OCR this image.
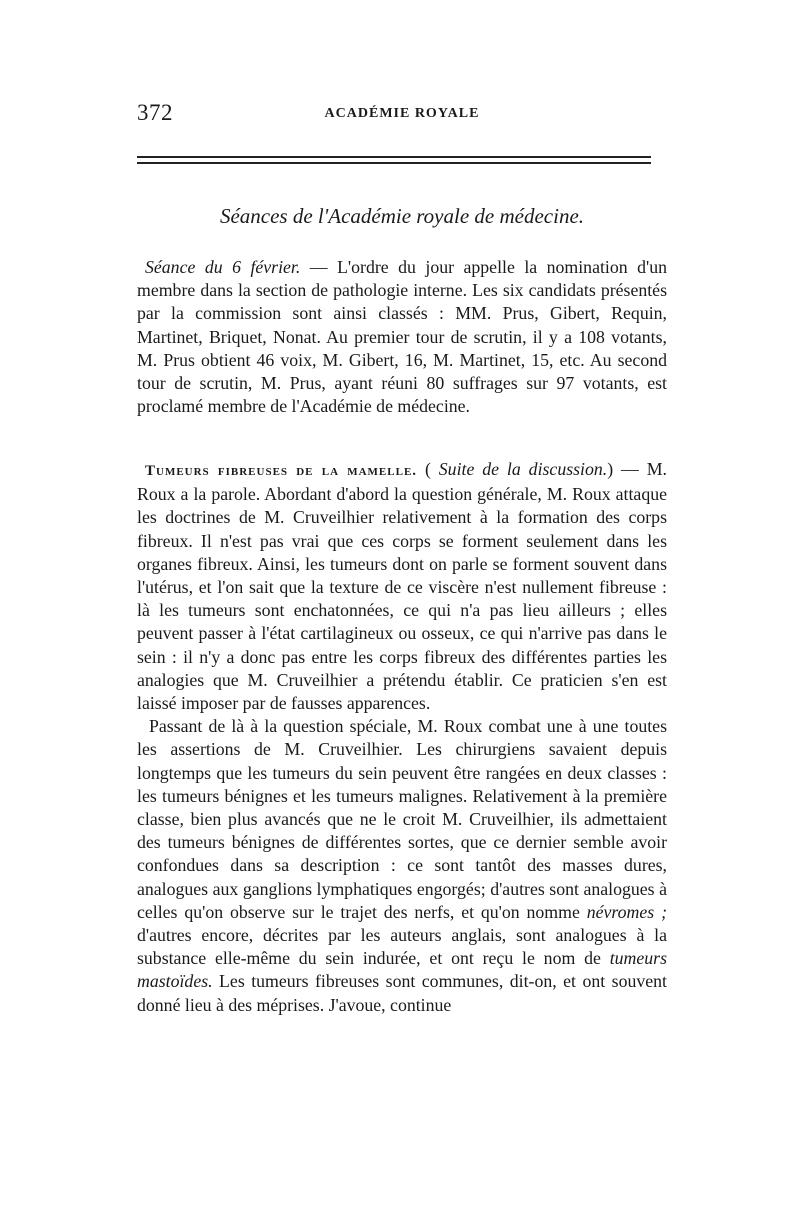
372	ACADÉMIE ROYALE
Séances de l'Académie royale de médecine.

Séance du 6 février. — L'ordre du jour appelle la nomination d'un membre dans la section de pathologie interne. Les six candidats présentés par la commission sont ainsi classés : MM. Prus, Gibert, Requin, Martinet, Briquet, Nonat. Au premier tour de scrutin, il y a 108 votants, M. Prus obtient 46 voix, M. Gibert, 16, M. Martinet, 15, etc. Au second tour de scrutin, M. Prus, ayant réuni 80 suffrages sur 97 votants, est proclamé membre de l'Académie de médecine.

Tumeurs fibreuses de la mamelle. ( Suite de la discussion.) — M. Roux a la parole. Abordant d'abord la question générale, M. Roux attaque les doctrines de M. Cruveilhier relativement à la formation des corps fibreux. Il n'est pas vrai que ces corps se forment seulement dans les organes fibreux. Ainsi, les tumeurs dont on parle se forment souvent dans l'utérus, et l'on sait que la texture de ce viscère n'est nullement fibreuse : là les tumeurs sont enchatonnées, ce qui n'a pas lieu ailleurs ; elles peuvent passer à l'état cartilagineux ou osseux, ce qui n'arrive pas dans le sein : il n'y a donc pas entre les corps fibreux des différentes parties les analogies que M. Cruveilhier a prétendu établir. Ce praticien s'en est laissé imposer par de fausses apparences.

Passant de là à la question spéciale, M. Roux combat une à une toutes les assertions de M. Cruveilhier. Les chirurgiens savaient depuis longtemps que les tumeurs du sein peuvent être rangées en deux classes : les tumeurs bénignes et les tumeurs malignes. Relativement à la première classe, bien plus avancés que ne le croit M. Cruveilhier, ils admettaient des tumeurs bénignes de différentes sortes, que ce dernier semble avoir confondues dans sa description : ce sont tantôt des masses dures, analogues aux ganglions lymphatiques engorgés; d'autres sont analogues à celles qu'on observe sur le trajet des nerfs, et qu'on nomme névromes ; d'autres encore, décrites par les auteurs anglais, sont analogues à la substance elle-même du sein indurée, et ont reçu le nom de tumeurs mastoïdes. Les tumeurs fibreuses sont communes, dit-on, et ont souvent donné lieu à des méprises. J'avoue, continue
